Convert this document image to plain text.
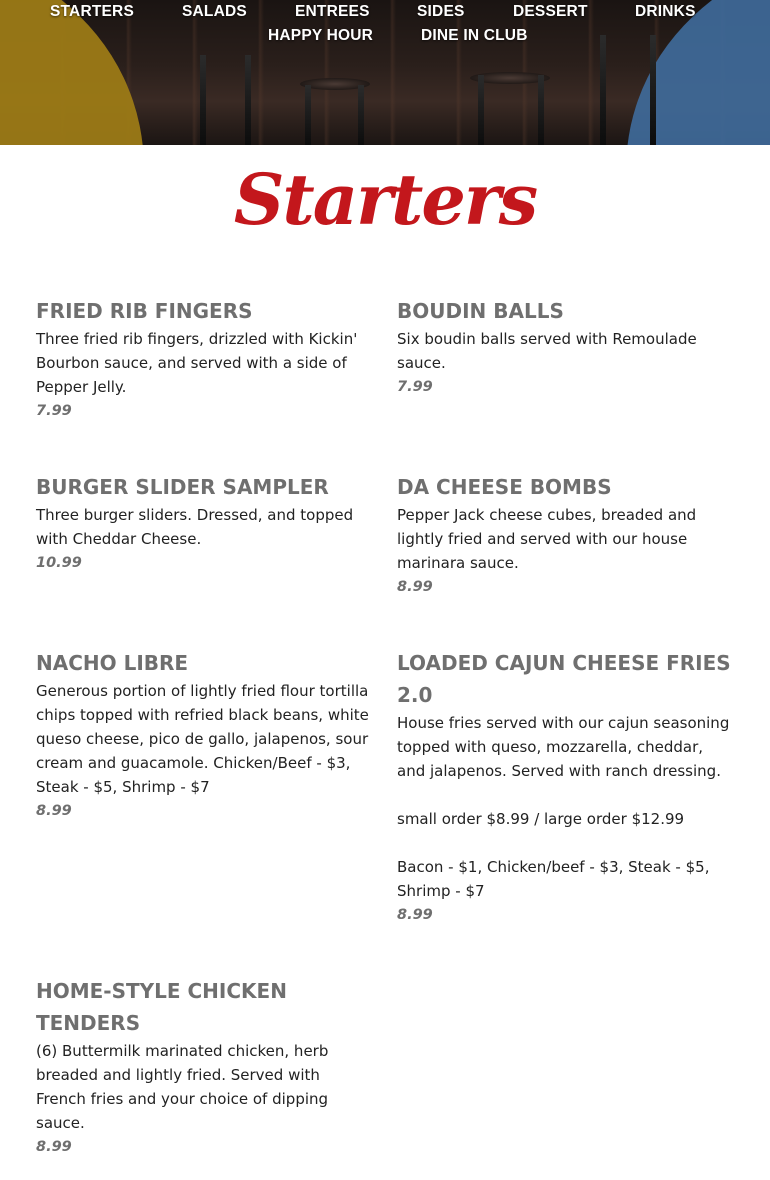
STARTERS	SALADS	ENTREES	SIDES	DESSERT	DRINKS
HAPPY HOUR	DINE IN CLUB
Starters
FRIED RIB FINGERS
Three fried rib fingers, drizzled with Kickin' Bourbon sauce, and served with a side of Pepper Jelly.
7.99
BOUDIN BALLS
Six boudin balls served with Remoulade sauce.
7.99
BURGER SLIDER SAMPLER
Three burger sliders. Dressed, and topped with Cheddar Cheese.
10.99
DA CHEESE BOMBS
Pepper Jack cheese cubes, breaded and lightly fried and served with our house marinara sauce.
8.99
NACHO LIBRE
Generous portion of lightly fried flour tortilla chips topped with refried black beans, white queso cheese, pico de gallo, jalapenos, sour cream and guacamole. Chicken/Beef - $3, Steak - $5, Shrimp - $7
8.99
LOADED CAJUN CHEESE FRIES 2.0
House fries served with our cajun seasoning topped with queso, mozzarella, cheddar, and jalapenos. Served with ranch dressing.

small order $8.99 / large order $12.99

Bacon - $1, Chicken/beef - $3, Steak - $5, Shrimp - $7
8.99
HOME-STYLE CHICKEN TENDERS
(6) Buttermilk marinated chicken, herb breaded and lightly fried. Served with French fries and your choice of dipping sauce.
8.99
